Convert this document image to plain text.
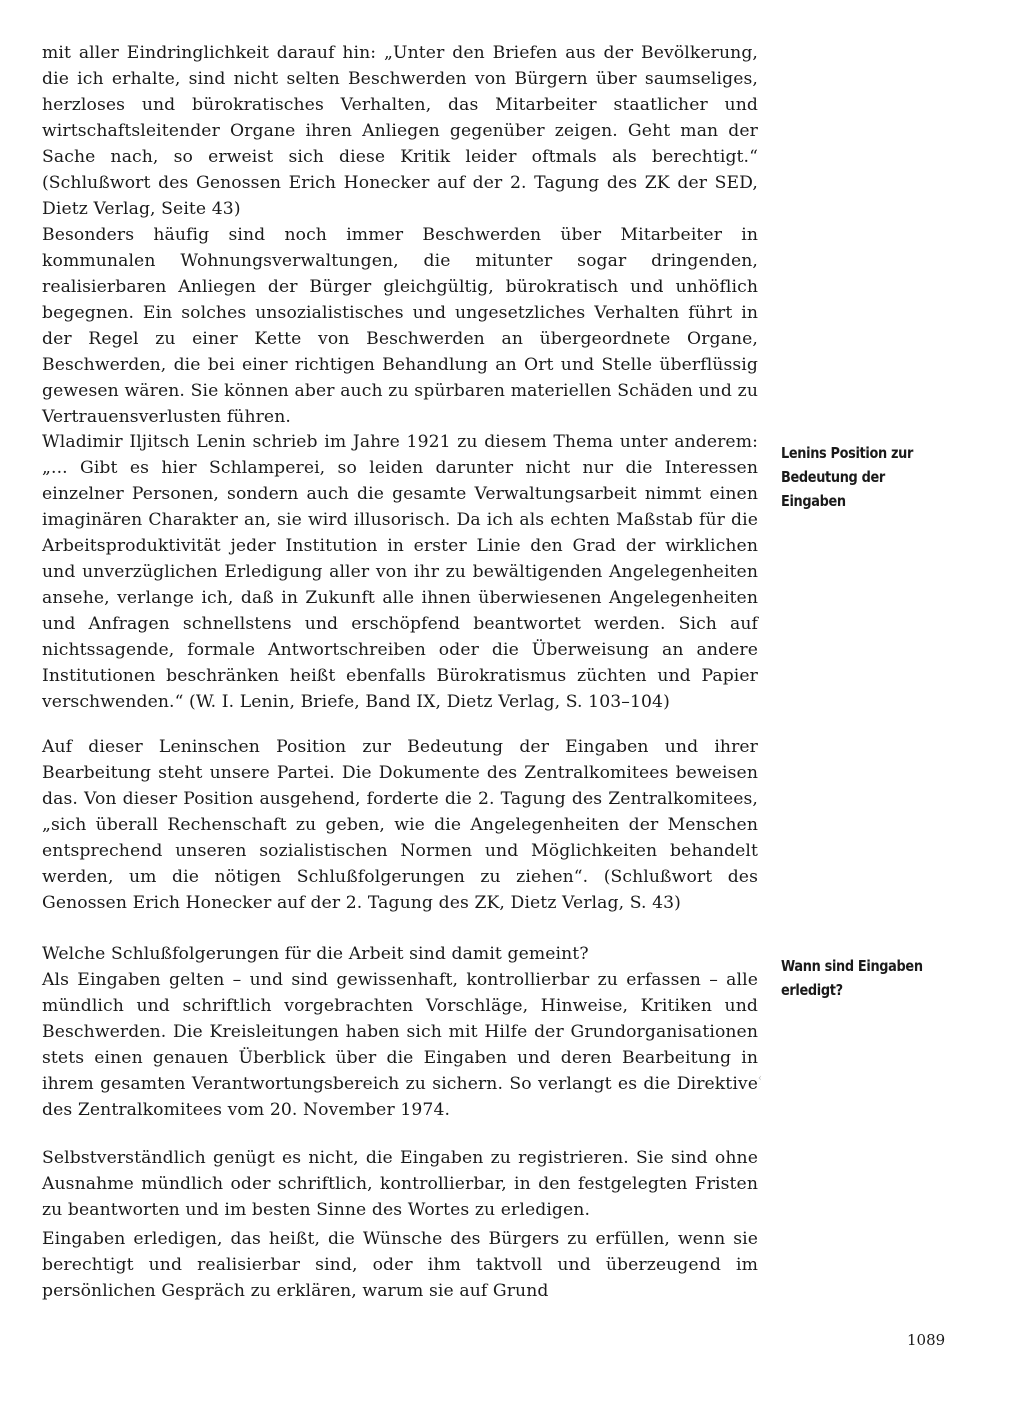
mit aller Eindringlichkeit darauf hin: „Unter den Briefen aus der Bevölkerung, die ich erhalte, sind nicht selten Beschwerden von Bürgern über saumseliges, herzloses und bürokratisches Verhalten, das Mitarbeiter staatlicher und wirtschaftsleitender Organe ihren Anliegen gegenüber zeigen. Geht man der Sache nach, so erweist sich diese Kritik leider oftmals als berechtigt.“ (Schlußwort des Genossen Erich Honecker auf der 2. Tagung des ZK der SED, Dietz Verlag, Seite 43)

Besonders häufig sind noch immer Beschwerden über Mitarbeiter in kommunalen Wohnungsverwaltungen, die mitunter sogar dringenden, realisierbaren Anliegen der Bürger gleichgültig, bürokratisch und unhöflich begegnen. Ein solches unsozialistisches und ungesetzliches Verhalten führt in der Regel zu einer Kette von Beschwerden an übergeordnete Organe, Beschwerden, die bei einer richtigen Behandlung an Ort und Stelle überflüssig gewesen wären. Sie können aber auch zu spürbaren materiellen Schäden und zu Vertrauensverlusten führen.

Wladimir Iljitsch Lenin schrieb im Jahre 1921 zu diesem Thema unter anderem: „... Gibt es hier Schlamperei, so leiden darunter nicht nur die Interessen einzelner Personen, sondern auch die gesamte Verwaltungsarbeit nimmt einen imaginären Charakter an, sie wird illusorisch. Da ich als echten Maßstab für die Arbeitsproduktivität jeder Institution in erster Linie den Grad der wirklichen und unverzüglichen Erledigung aller von ihr zu bewältigenden Angelegenheiten ansehe, verlange ich, daß in Zukunft alle ihnen überwiesenen Angelegenheiten und Anfragen schnellstens und erschöpfend beantwortet werden. Sich auf nichtssagende, formale Antwortschreiben oder die Überweisung an andere Institutionen beschränken heißt ebenfalls Bürokratismus züchten und Papier verschwenden.“ (W. I. Lenin, Briefe, Band IX, Dietz Verlag, S. 103–104)

Auf dieser Leninschen Position zur Bedeutung der Eingaben und ihrer Bearbeitung steht unsere Partei. Die Dokumente des Zentralkomitees beweisen das. Von dieser Position ausgehend, forderte die 2. Tagung des Zentralkomitees, „sich überall Rechenschaft zu geben, wie die Angelegenheiten der Menschen entsprechend unseren sozialistischen Normen und Möglichkeiten behandelt werden, um die nötigen Schlußfolgerungen zu ziehen“. (Schlußwort des Genossen Erich Honecker auf der 2. Tagung des ZK, Dietz Verlag, S. 43)

Welche Schlußfolgerungen für die Arbeit sind damit gemeint?

Als Eingaben gelten – und sind gewissenhaft, kontrollierbar zu erfassen – alle mündlich und schriftlich vorgebrachten Vorschläge, Hinweise, Kritiken und Beschwerden. Die Kreisleitungen haben sich mit Hilfe der Grundorganisationen stets einen genauen Überblick über die Eingaben und deren Bearbeitung in ihrem gesamten Verantwortungsbereich zu sichern. So verlangt es die Direktive des Zentralkomitees vom 20. November 1974.

Selbstverständlich genügt es nicht, die Eingaben zu registrieren. Sie sind ohne Ausnahme mündlich oder schriftlich, kontrollierbar, in den festgelegten Fristen zu beantworten und im besten Sinne des Wortes zu erledigen.

Eingaben erledigen, das heißt, die Wünsche des Bürgers zu erfüllen, wenn sie berechtigt und realisierbar sind, oder ihm taktvoll und überzeugend im persönlichen Gespräch zu erklären, warum sie auf Grund

Lenins Position zur Bedeutung der Eingaben

Wann sind Eingaben erledigt?

‹

1089
